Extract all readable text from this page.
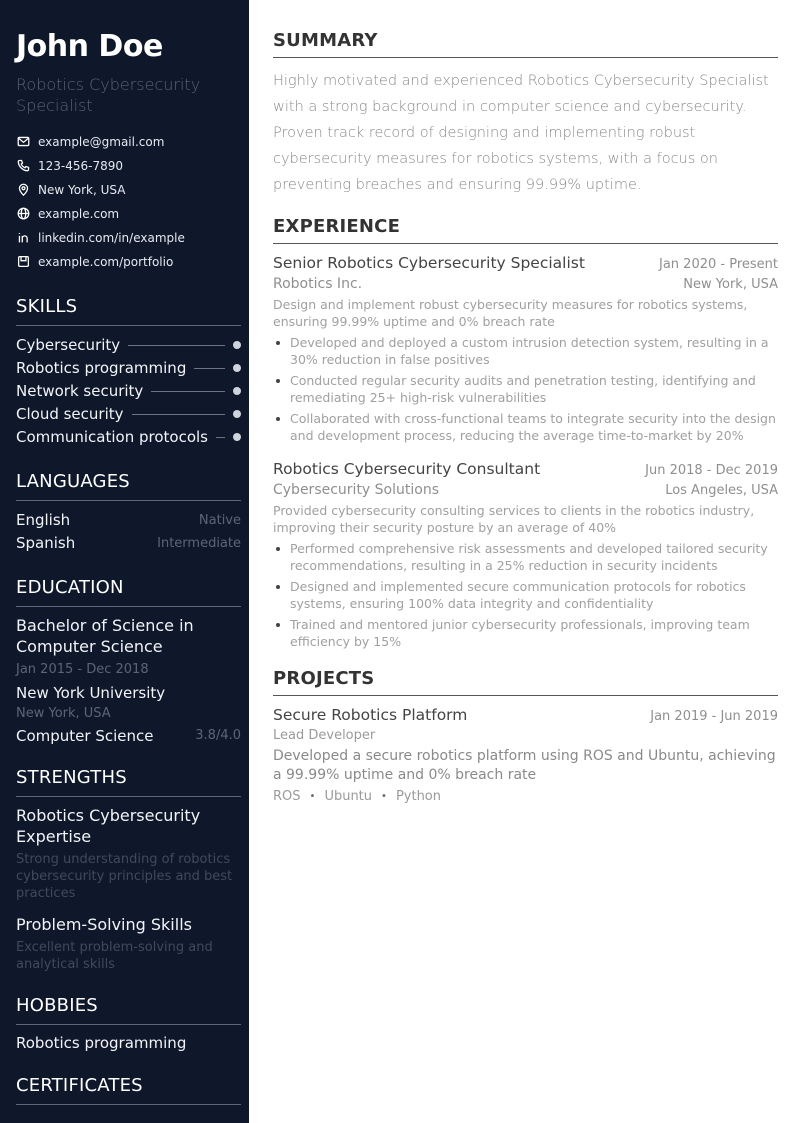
John Doe
Robotics Cybersecurity Specialist
example@gmail.com
123-456-7890
New York, USA
example.com
linkedin.com/in/example
example.com/portfolio
SKILLS
Cybersecurity
Robotics programming
Network security
Cloud security
Communication protocols
LANGUAGES
English	Native
Spanish	Intermediate
EDUCATION
Bachelor of Science in Computer Science
Jan 2015 - Dec 2018
New York University
New York, USA
Computer Science	3.8/4.0
STRENGTHS
Robotics Cybersecurity Expertise
Strong understanding of robotics cybersecurity principles and best practices
Problem-Solving Skills
Excellent problem-solving and analytical skills
HOBBIES
Robotics programming
CERTIFICATES
SUMMARY

Highly motivated and experienced Robotics Cybersecurity Specialist with a strong background in computer science and cybersecurity. Proven track record of designing and implementing robust cybersecurity measures for robotics systems, with a focus on preventing breaches and ensuring 99.99% uptime.

EXPERIENCE
Senior Robotics Cybersecurity Specialist	Jan 2020 - Present
Robotics Inc.	New York, USA
Design and implement robust cybersecurity measures for robotics systems, ensuring 99.99% uptime and 0% breach rate
Developed and deployed a custom intrusion detection system, resulting in a 30% reduction in false positives
Conducted regular security audits and penetration testing, identifying and remediating 25+ high-risk vulnerabilities
Collaborated with cross-functional teams to integrate security into the design and development process, reducing the average time-to-market by 20%
Robotics Cybersecurity Consultant	Jun 2018 - Dec 2019
Cybersecurity Solutions	Los Angeles, USA
Provided cybersecurity consulting services to clients in the robotics industry, improving their security posture by an average of 40%
Performed comprehensive risk assessments and developed tailored security recommendations, resulting in a 25% reduction in security incidents
Designed and implemented secure communication protocols for robotics systems, ensuring 100% data integrity and confidentiality
Trained and mentored junior cybersecurity professionals, improving team efficiency by 15%
PROJECTS
Secure Robotics Platform	Jan 2019 - Jun 2019
Lead Developer
Developed a secure robotics platform using ROS and Ubuntu, achieving a 99.99% uptime and 0% breach rate
ROS • Ubuntu • Python
